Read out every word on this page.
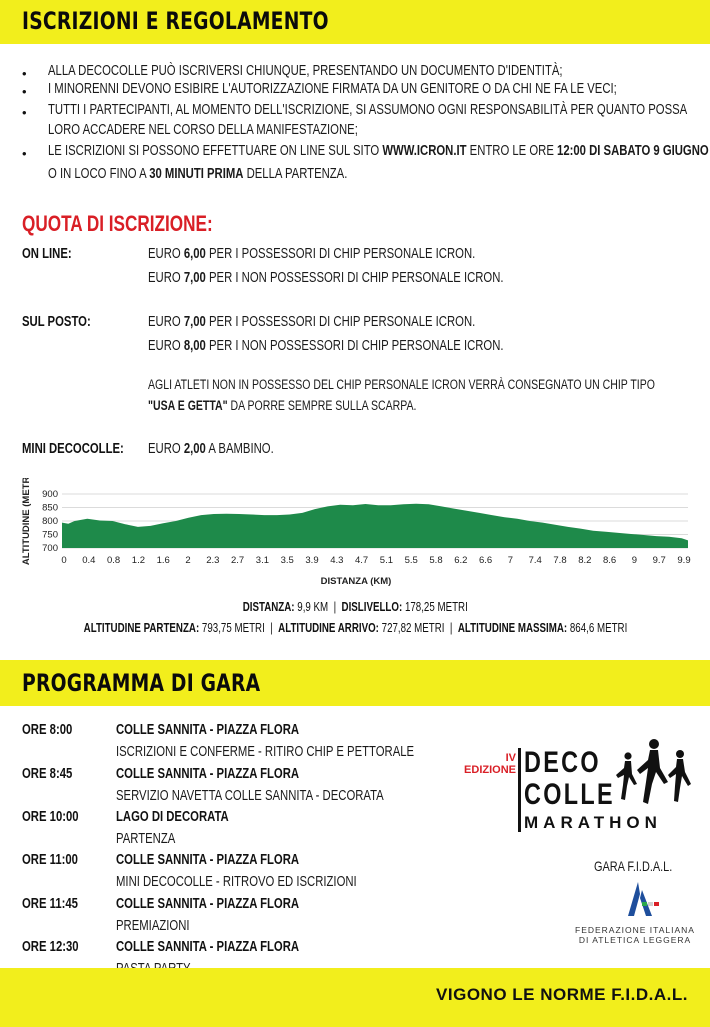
ISCRIZIONI E REGOLAMENTO
• ALLA DECOCOLLE PUÒ ISCRIVERSI CHIUNQUE, PRESENTANDO UN DOCUMENTO D'IDENTITÀ;
• I MINORENNI DEVONO ESIBIRE L'AUTORIZZAZIONE FIRMATA DA UN GENITORE O DA CHI NE FA LE VECI;
• TUTTI I PARTECIPANTI, AL MOMENTO DELL'ISCRIZIONE, SI ASSUMONO OGNI RESPONSABILITÀ PER QUANTO POSSA
LORO ACCADERE NEL CORSO DELLA MANIFESTAZIONE;
• LE ISCRIZIONI SI POSSONO EFFETTUARE ON LINE SUL SITO WWW.ICRON.IT ENTRO LE ORE 12:00 DI SABATO 9 GIUGNO
O IN LOCO FINO A 30 MINUTI PRIMA DELLA PARTENZA.
QUOTA DI ISCRIZIONE:
ON LINE:	EURO 6,00 PER I POSSESSORI DI CHIP PERSONALE ICRON.
EURO 7,00 PER I NON POSSESSORI DI CHIP PERSONALE ICRON.
SUL POSTO:	EURO 7,00 PER I POSSESSORI DI CHIP PERSONALE ICRON.
EURO 8,00 PER I NON POSSESSORI DI CHIP PERSONALE ICRON.
AGLI ATLETI NON IN POSSESSO DEL CHIP PERSONALE ICRON VERRÀ CONSEGNATO UN CHIP TIPO
"USA E GETTA" DA PORRE SEMPRE SULLA SCARPA.
MINI DECOCOLLE:	EURO 2,00 A BAMBINO.
ALTITUDINE (METRI)
DISTANZA (KM)
900
850
800
750
700
0 0.4 0.8 1.2 1.6 2 2.3 2.7 3.1 3.5 3.9 4.3 4.7 5.1 5.5 5.8 6.2 6.6 7 7.4 7.8 8.2 8.6 9 9.7 9.9
DISTANZA: 9,9 KM | DISLIVELLO: 178,25 METRI
ALTITUDINE PARTENZA: 793,75 METRI | ALTITUDINE ARRIVO: 727,82 METRI | ALTITUDINE MASSIMA: 864,6 METRI
PROGRAMMA DI GARA
ORE 8:00	COLLE SANNITA - PIAZZA FLORA
ISCRIZIONI E CONFERME - RITIRO CHIP E PETTORALE
ORE 8:45	COLLE SANNITA - PIAZZA FLORA
SERVIZIO NAVETTA COLLE SANNITA - DECORATA
ORE 10:00	LAGO DI DECORATA
PARTENZA
ORE 11:00	COLLE SANNITA - PIAZZA FLORA
MINI DECOCOLLE - RITROVO ED ISCRIZIONI
ORE 11:45	COLLE SANNITA - PIAZZA FLORA
PREMIAZIONI
ORE 12:30	COLLE SANNITA - PIAZZA FLORA
IV
EDIZIONE DECO
COLLE
MARATHON
GARA F.I.D.A.L.
FEDERAZIONE ITALIANA
DI ATLETICA LEGGERA
VIGONO LE NORME F.I.D.A.L.
